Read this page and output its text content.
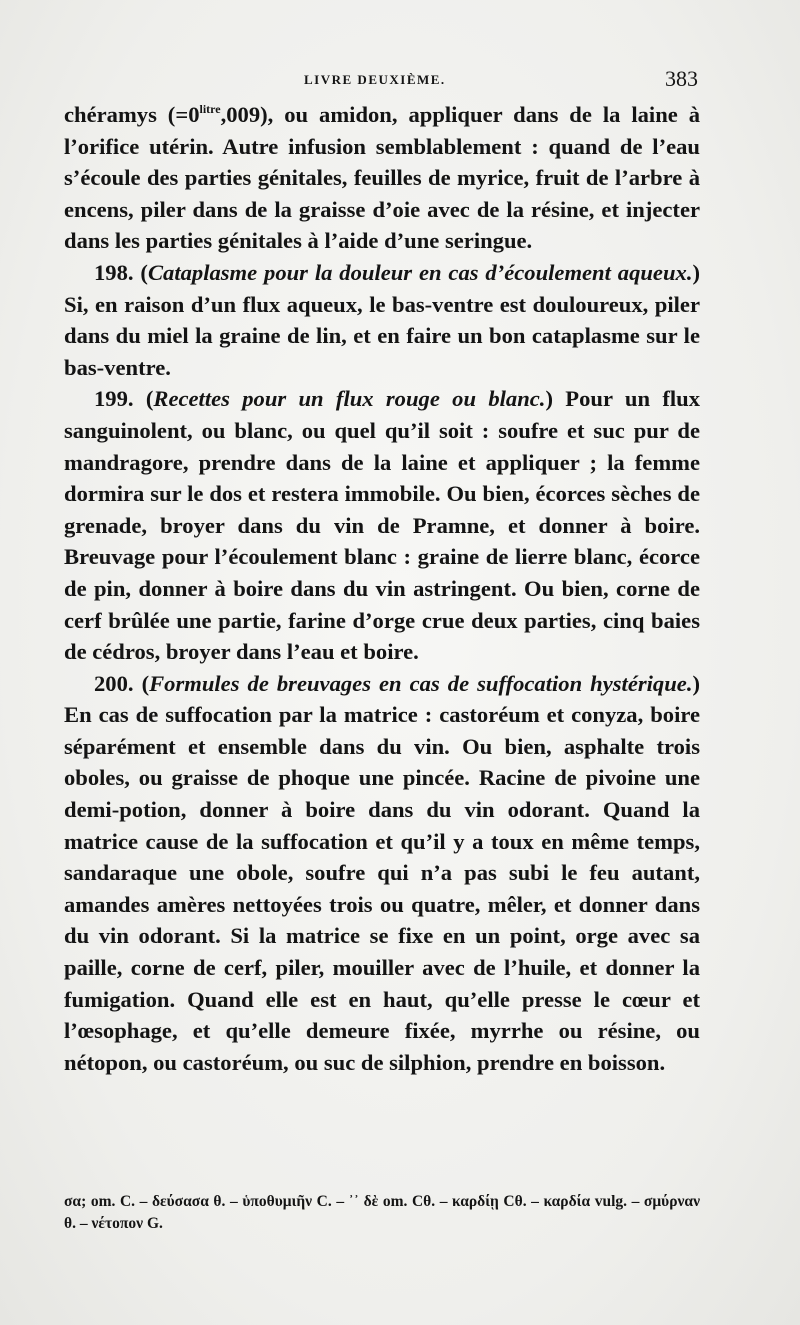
LIVRE DEUXIÈME.	383

chéramys $(=0^{litre},009)$, ou amidon, appliquer dans de la laine à l’orifice utérin. Autre infusion semblablement : quand de l’eau s’écoule des parties génitales, feuilles de myrice, fruit de l’arbre à encens, piler dans de la graisse d’oie avec de la résine, et injecter dans les parties génitales à l’aide d’une seringue.

198. (Cataplasme pour la douleur en cas d’écoulement aqueux.) Si, en raison d’un flux aqueux, le bas-ventre est douloureux, piler dans du miel la graine de lin, et en faire un bon cataplasme sur le bas-ventre.

199. (Recettes pour un flux rouge ou blanc.) Pour un flux sanguinolent, ou blanc, ou quel qu’il soit : soufre et suc pur de mandragore, prendre dans de la laine et appliquer ; la femme dormira sur le dos et restera immobile. Ou bien, écorces sèches de grenade, broyer dans du vin de Pramne, et donner à boire. Breuvage pour l’écoulement blanc : graine de lierre blanc, écorce de pin, donner à boire dans du vin astringent. Ou bien, corne de cerf brûlée une partie, farine d’orge crue deux parties, cinq baies de cédros, broyer dans l’eau et boire.

200. (Formules de breuvages en cas de suffocation hystérique.) En cas de suffocation par la matrice : castoréum et conyza, boire séparément et ensemble dans du vin. Ou bien, asphalte trois oboles, ou graisse de phoque une pincée. Racine de pivoine une demi-potion, donner à boire dans du vin odorant. Quand la matrice cause de la suffocation et qu’il y a toux en même temps, sandaraque une obole, soufre qui n’a pas subi le feu autant, amandes amères nettoyées trois ou quatre, mêler, et donner dans du vin odorant. Si la matrice se fixe en un point, orge avec sa paille, corne de cerf, piler, mouiller avec de l’huile, et donner la fumigation. Quand elle est en haut, qu’elle presse le cœur et l’œsophage, et qu’elle demeure fixée, myrrhe ou résine, ou nétopon, ou castoréum, ou suc de silphion, prendre en boisson.

σα; om. C. – δεύσασα θ. – ὑποθυμιῆν C. – ᾽᾽ δὲ om. Cθ. – καρδίῃ Cθ. – καρδία vulg. – σμύρναν θ. – νέτοπον G.
